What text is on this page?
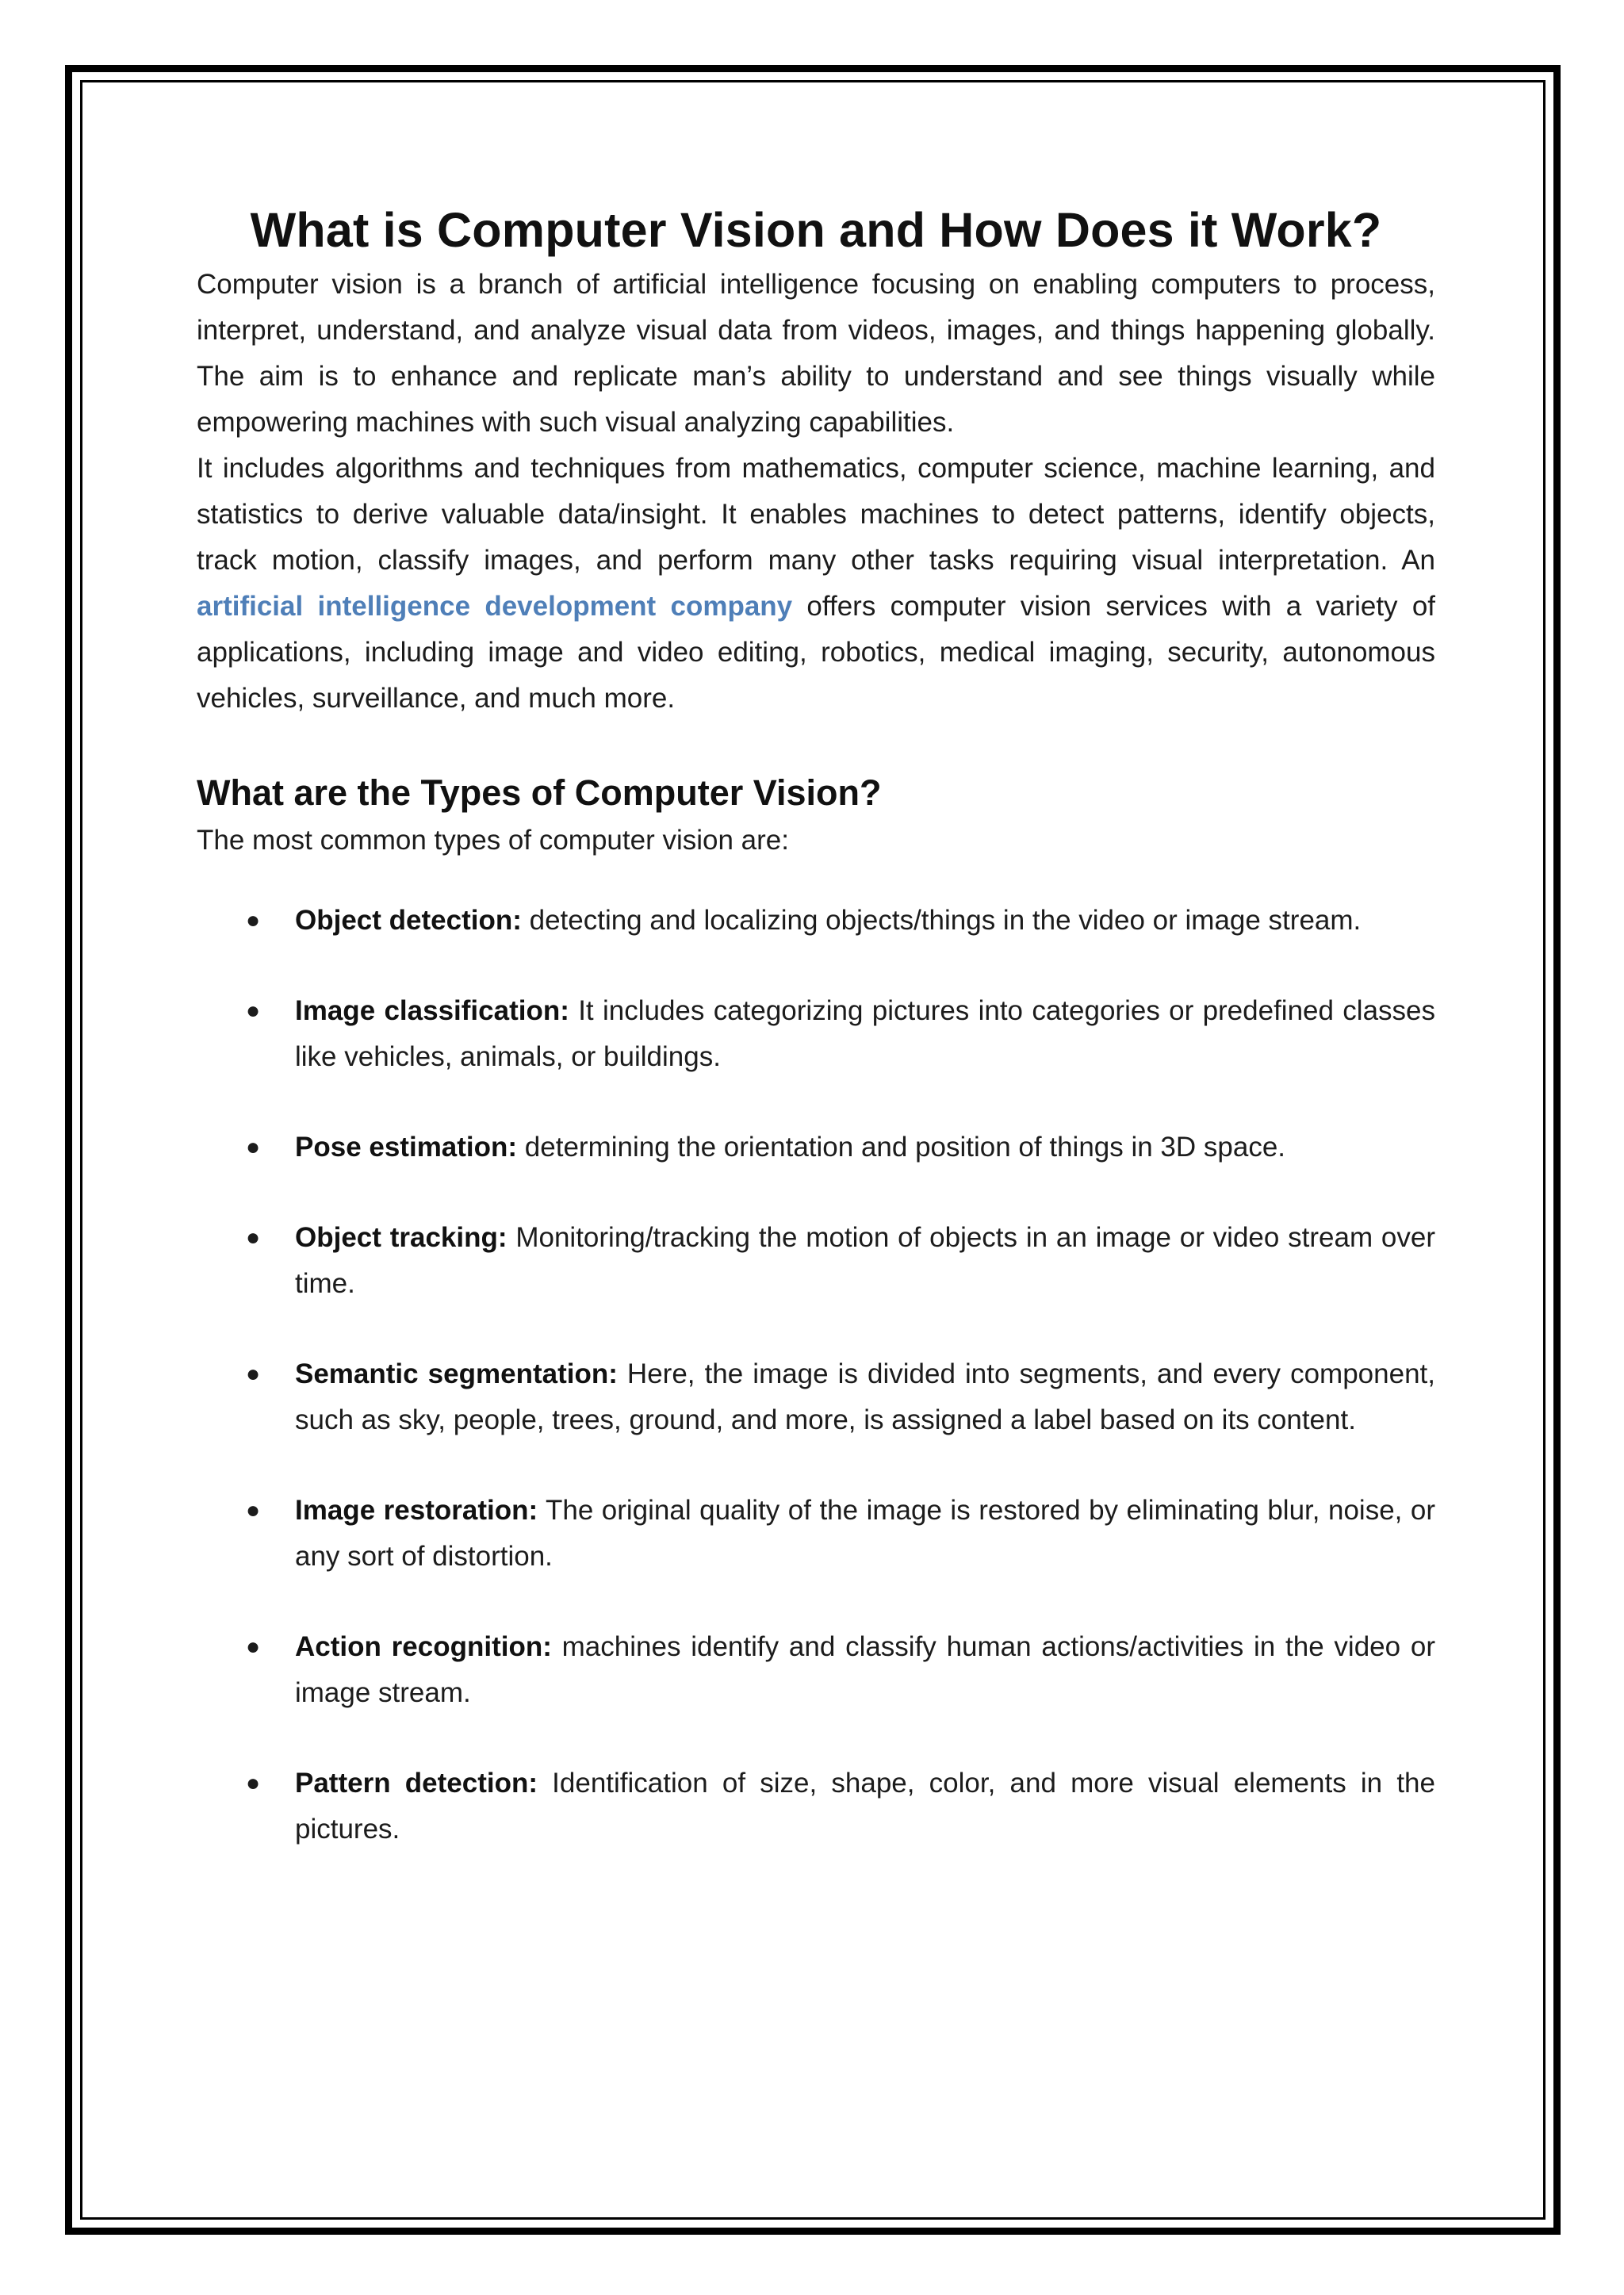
What is Computer Vision and How Does it Work?

Computer vision is a branch of artificial intelligence focusing on enabling computers to process, interpret, understand, and analyze visual data from videos, images, and things happening globally. The aim is to enhance and replicate man’s ability to understand and see things visually while empowering machines with such visual analyzing capabilities.

It includes algorithms and techniques from mathematics, computer science, machine learning, and statistics to derive valuable data/insight. It enables machines to detect patterns, identify objects, track motion, classify images, and perform many other tasks requiring visual interpretation. An artificial intelligence development company offers computer vision services with a variety of applications, including image and video editing, robotics, medical imaging, security, autonomous vehicles, surveillance, and much more.

What are the Types of Computer Vision?

The most common types of computer vision are:

● Object detection: detecting and localizing objects/things in the video or image stream.
● Image classification: It includes categorizing pictures into categories or predefined classes like vehicles, animals, or buildings.
● Pose estimation: determining the orientation and position of things in 3D space.
● Object tracking: Monitoring/tracking the motion of objects in an image or video stream over time.
● Semantic segmentation: Here, the image is divided into segments, and every component, such as sky, people, trees, ground, and more, is assigned a label based on its content.
● Image restoration: The original quality of the image is restored by eliminating blur, noise, or any sort of distortion.
● Action recognition: machines identify and classify human actions/activities in the video or image stream.
● Pattern detection: Identification of size, shape, color, and more visual elements in the pictures.
